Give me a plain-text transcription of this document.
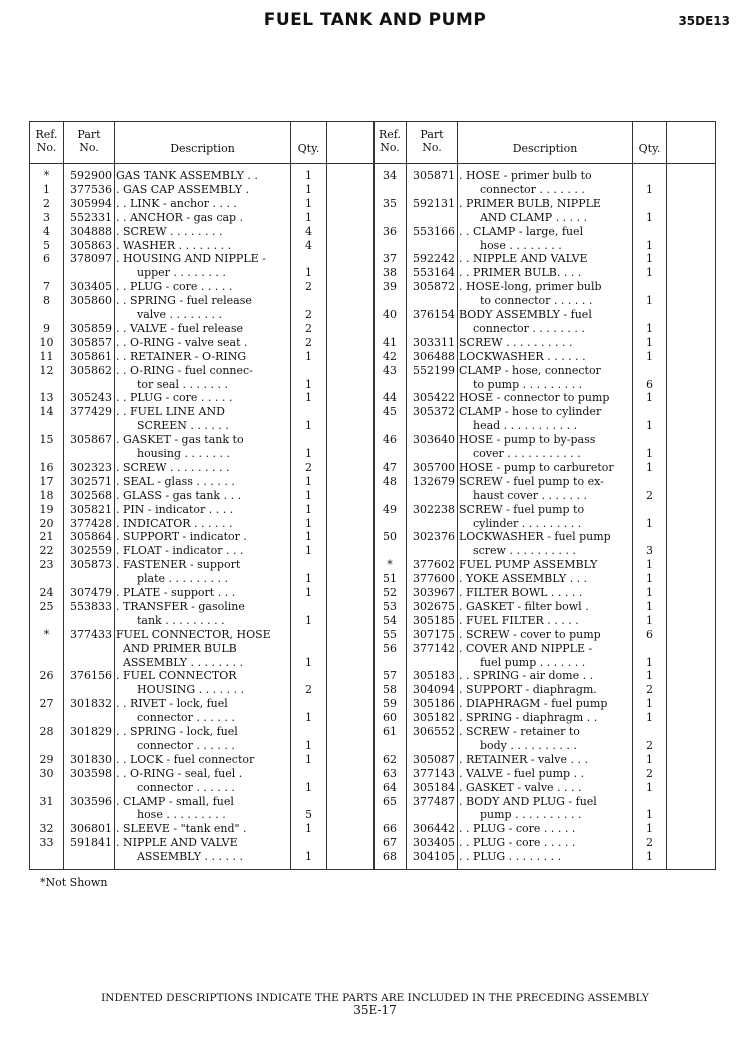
FUEL TANK AND PUMP	35DE13
Ref.
No.
Part
No.	Description	Qty.
Ref.
No.
Part
No.	Description	Qty.
*	592900 GAS TANK ASSEMBLY . .	1
1	377536 . GAS CAP ASSEMBLY .	1
2	305994 . . LINK - anchor . . . .	1
3	552331 . . ANCHOR - gas cap .	1
4	304888 . SCREW . . . . . . . .	4
5	305863 . WASHER . . . . . . . .	4
6	378097 . HOUSING AND NIPPLE -
upper . . . . . . . .	1
7	303405 . . PLUG - core . . . . .	2
8	305860 . . SPRING - fuel release
valve . . . . . . . .	2
9	305859 . . VALVE - fuel release	2
10	305857 . . O-RING - valve seat .	2
11	305861 . . RETAINER - O-RING	1
12	305862 . . O-RING - fuel connec-
tor seal . . . . . . .	1
13	305243 . . PLUG - core . . . . .	1
14	377429 . . FUEL LINE AND
SCREEN . . . . . .	1
15	305867 . GASKET - gas tank to
housing . . . . . . .	1
16	302323 . SCREW . . . . . . . . .	2
17	302571 . SEAL - glass . . . . . .	1
18	302568 . GLASS - gas tank . . .	1
19	305821 . PIN - indicator . . . .	1
20	377428 . INDICATOR . . . . . .	1
21	305864 . SUPPORT - indicator .	1
22	302559 . FLOAT - indicator . . .	1
23	305873 . FASTENER - support
plate . . . . . . . . .	1
24	307479 . PLATE - support . . .	1
25	553833 . TRANSFER - gasoline
tank . . . . . . . . .	1
*	377433 FUEL CONNECTOR, HOSE
AND PRIMER BULB
ASSEMBLY . . . . . . . .	1
26	376156 . FUEL CONNECTOR
HOUSING . . . . . . .	2
27	301832 . . RIVET - lock, fuel
connector . . . . . .	1
28	301829 . . SPRING - lock, fuel
connector . . . . . .	1
29	301830 . . LOCK - fuel connector	1
30	303598 . . O-RING - seal, fuel .
connector . . . . . .	1
31	303596 . CLAMP - small, fuel
hose . . . . . . . . .	5
32	306801 . SLEEVE - "tank end" .	1
33	591841 . NIPPLE AND VALVE
ASSEMBLY . . . . . .	1
34	305871 . HOSE - primer bulb to
connector . . . . . . .	1
35	592131 . PRIMER BULB, NIPPLE
AND CLAMP . . . . .	1
36	553166 . . CLAMP - large, fuel
hose . . . . . . . .	1
37	592242 . . NIPPLE AND VALVE	1
38	553164 . . PRIMER BULB. . . .	1
39	305872 . HOSE-long, primer bulb
to connector . . . . . .	1
40	376154 BODY ASSEMBLY - fuel
connector . . . . . . . .	1
41	303311 SCREW . . . . . . . . . .	1
42	306488 LOCKWASHER . . . . . .	1
43	552199 CLAMP - hose, connector
to pump . . . . . . . . .	6
44	305422 HOSE - connector to pump	1
45	305372 CLAMP - hose to cylinder
head . . . . . . . . . . .	1
46	303640 HOSE - pump to by-pass
cover . . . . . . . . . . .	1
47	305700 HOSE - pump to carburetor	1
48	132679 SCREW - fuel pump to ex-
haust cover . . . . . . .	2
49	302238 SCREW - fuel pump to
cylinder . . . . . . . . .	1
50	302376 LOCKWASHER - fuel pump
screw . . . . . . . . . .	3
*	377602 FUEL PUMP ASSEMBLY	1
51	377600 . YOKE ASSEMBLY . . .	1
52	303967 . FILTER BOWL . . . . .	1
53	302675 . GASKET - filter bowl .	1
54	305185 . FUEL FILTER . . . . .	1
55	307175 . SCREW - cover to pump	6
56	377142 . COVER AND NIPPLE -
fuel pump . . . . . . .	1
57	305183 . . SPRING - air dome . .	1
58	304094 . SUPPORT - diaphragm.	2
59	305186 . DIAPHRAGM - fuel pump	1
60	305182 . SPRING - diaphragm . .	1
61	306552 . SCREW - retainer to
body . . . . . . . . . .	2
62	305087 . RETAINER - valve . . .	1
63	377143 . VALVE - fuel pump . .	2
64	305184 . GASKET - valve . . . .	1
65	377487 . BODY AND PLUG - fuel
pump . . . . . . . . . .	1
66	306442 . . PLUG - core . . . . .	1
67	303405 . . PLUG - core . . . . .	2
68	304105 . . PLUG . . . . . . . .	1
*Not Shown
INDENTED DESCRIPTIONS INDICATE THE PARTS ARE INCLUDED IN THE PRECEDING ASSEMBLY
35E-17
